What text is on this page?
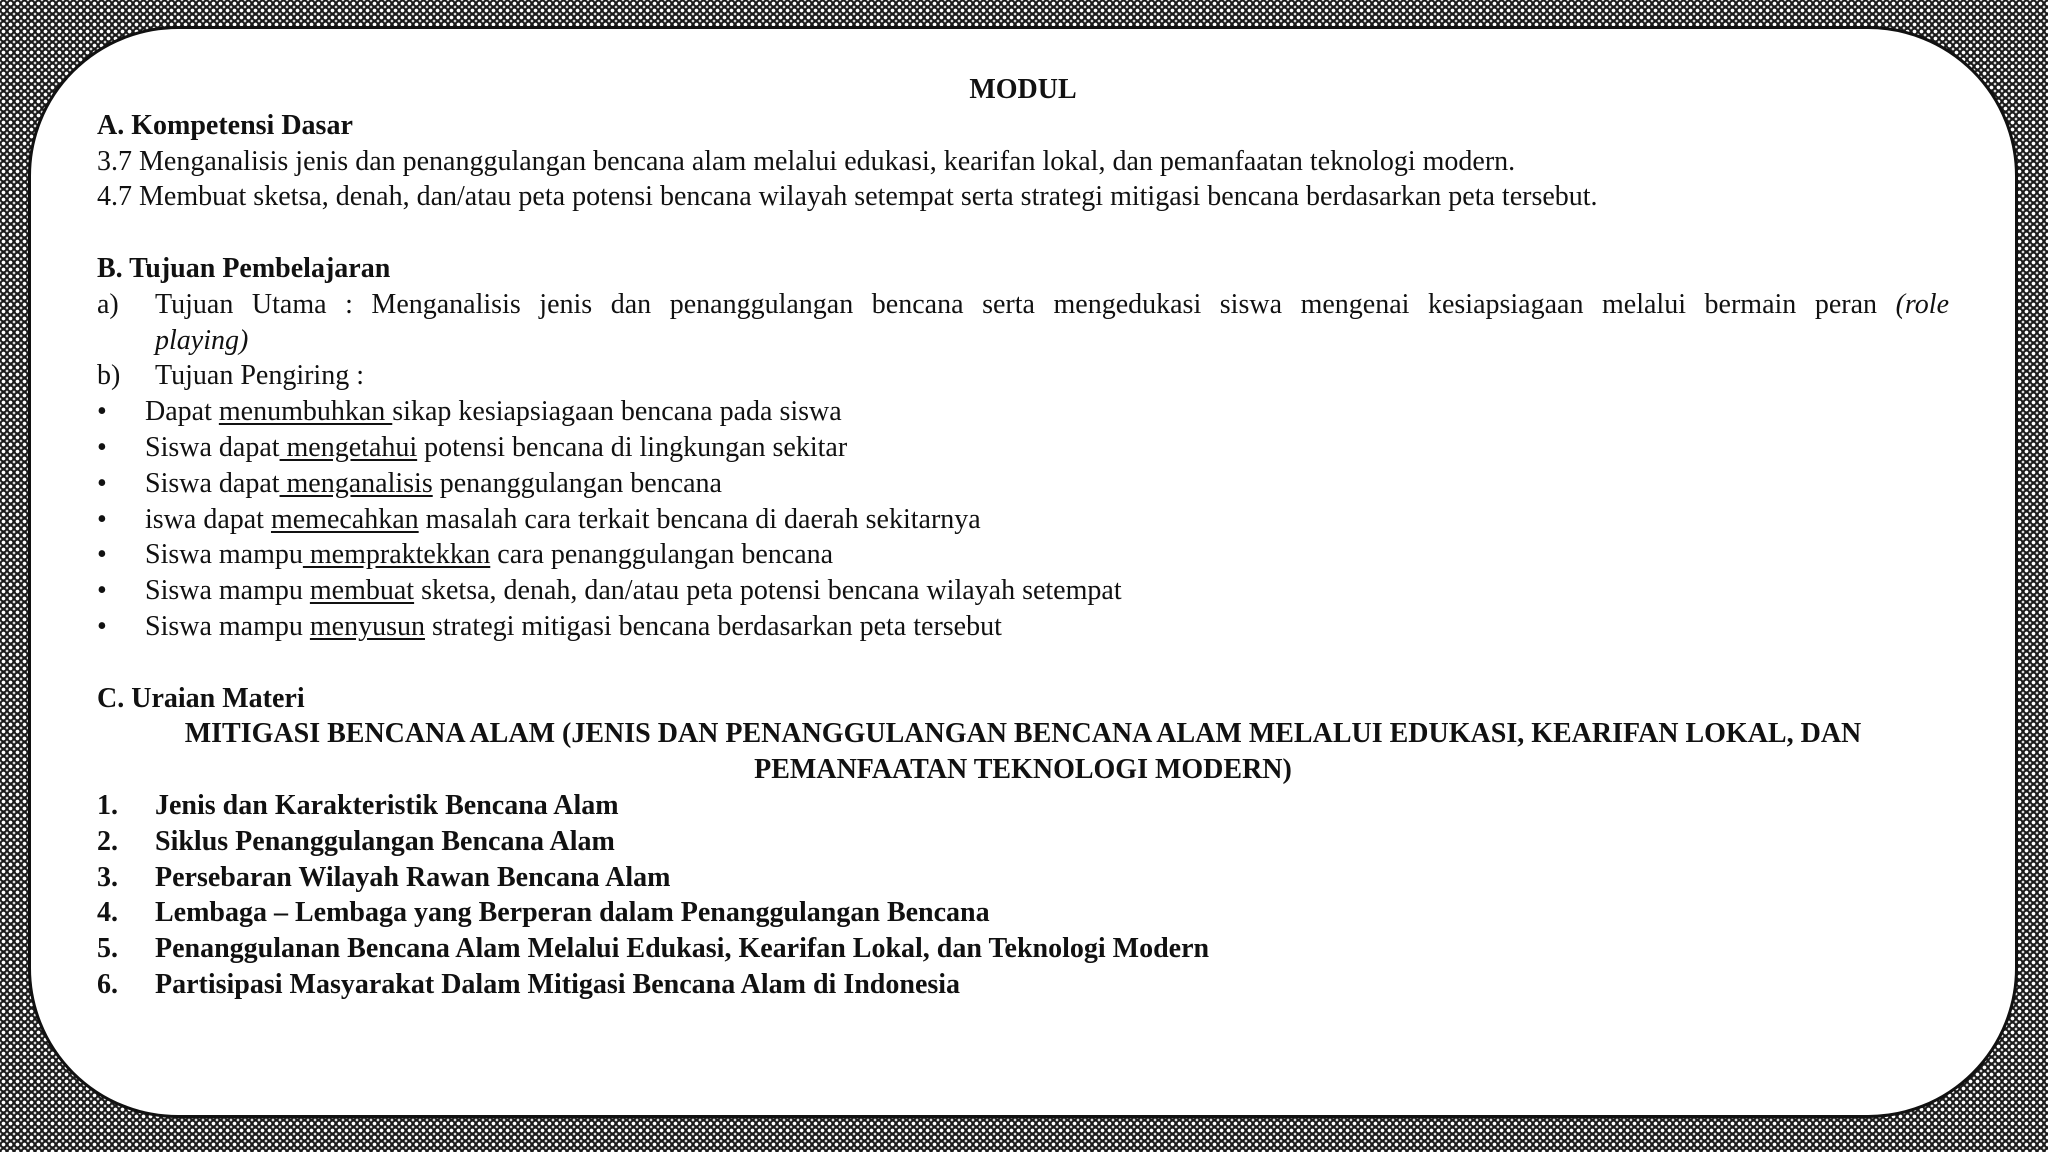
MODUL

A. Kompetensi Dasar

3.7 Menganalisis jenis dan penanggulangan bencana alam melalui edukasi, kearifan lokal, dan pemanfaatan teknologi modern.

4.7 Membuat sketsa, denah, dan/atau peta potensi bencana wilayah setempat serta strategi mitigasi bencana berdasarkan peta tersebut.

B. Tujuan Pembelajaran

a)	Tujuan Utama : Menganalisis jenis dan penanggulangan bencana serta mengedukasi siswa mengenai kesiapsiagaan melalui bermain peran (role

playing)

b)	Tujuan Pengiring :
•	Dapat menumbuhkan sikap kesiapsiagaan bencana pada siswa
•	Siswa dapat mengetahui potensi bencana di lingkungan sekitar
•	Siswa dapat menganalisis penanggulangan bencana
•	iswa dapat memecahkan masalah cara terkait bencana di daerah sekitarnya
•	Siswa mampu mempraktekkan cara penanggulangan bencana
•	Siswa mampu membuat sketsa, denah, dan/atau peta potensi bencana wilayah setempat
•	Siswa mampu menyusun strategi mitigasi bencana berdasarkan peta tersebut

C. Uraian Materi

MITIGASI BENCANA ALAM (JENIS DAN PENANGGULANGAN BENCANA ALAM MELALUI EDUKASI, KEARIFAN LOKAL, DAN

PEMANFAATAN TEKNOLOGI MODERN)

1.	Jenis dan Karakteristik Bencana Alam
2.	Siklus Penanggulangan Bencana Alam
3.	Persebaran Wilayah Rawan Bencana Alam
4.	Lembaga – Lembaga yang Berperan dalam Penanggulangan Bencana
5.	Penanggulanan Bencana Alam Melalui Edukasi, Kearifan Lokal, dan Teknologi Modern
6.	Partisipasi Masyarakat Dalam Mitigasi Bencana Alam di Indonesia
